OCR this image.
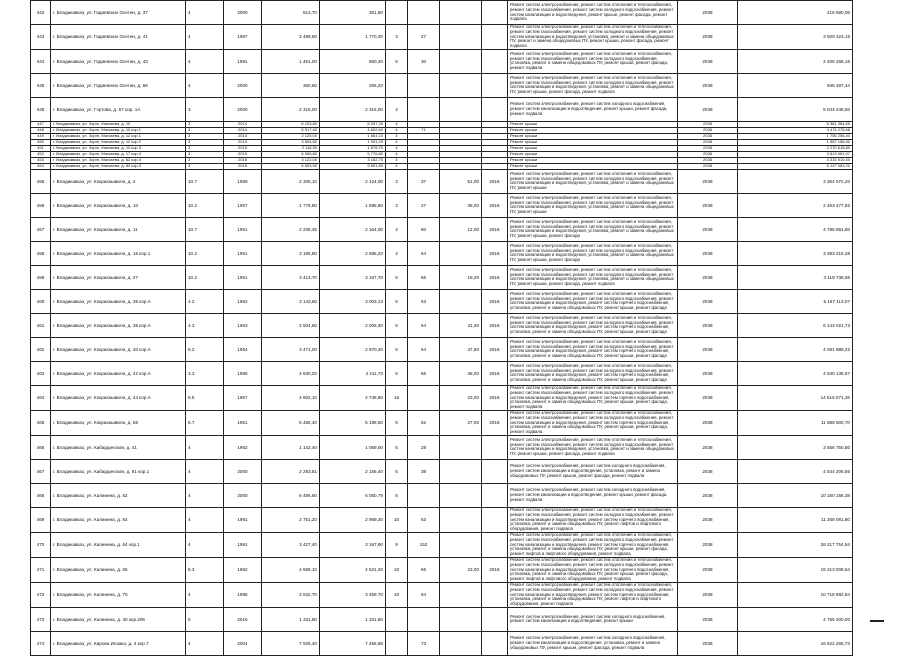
442	г. Владикавказ, ул. Гадиевских Осетин, д. 37	4	2000	513,70	351,60					Ремонт систем электроснабжения, ремонт систем отопления и теплоснабжения, ремонт систем газоснабжения, ремонт систем холодного водоснабжения, ремонт систем канализации и водоотведения, ремонт крыши, ремонт фасада, ремонт подвала	2038	216 680,08
443	г. Владикавказ, ул. Гадиевских Осетин, д. 41	4	1987	3 489,60	1 770,30	3	27			Ремонт систем электроснабжения, ремонт систем отопления и теплоснабжения, ремонт систем газоснабжения, ремонт систем холодного водоснабжения, ремонт систем канализации и водоотведения, установка, ремонт и замена общедомовых ПУ, ремонт и замена общедомовых ПУ, ремонт крыши, ремонт фасада, ремонт подвала	2038	3 509 223,15
444	г. Владикавказ, ул. Гадиевских Осетин, д. 43	4	1981	1 451,00	860,30	5	30			Ремонт систем электроснабжения, ремонт систем отопления и теплоснабжения, ремонт систем газоснабжения, ремонт систем холодного водоснабжения, установка, ремонт и замена общедомовых ПУ, ремонт крыши, ремонт фасада, ремонт подвала	2038	2 408 268,16
445	г. Владикавказ, ул. Гадиевских Осетин, д. 56	4	2000	360,60	265,20					Ремонт систем электроснабжения, ремонт систем отопления и теплоснабжения, ремонт систем газоснабжения, ремонт систем холодного водоснабжения, ремонт систем канализации и водоотведения, установка, ремонт и замена общедомовых ПУ, ремонт крыши, ремонт фасада, ремонт подвала	2038	946 487,44
446	г. Владикавказ, ул. Гэртова, д. 57 кор. 1А	3	2000	2 316,00	2 316,00	4				Ремонт систем электроснабжения, ремонт систем холодного водоснабжения, ремонт систем канализации и водоотведения, ремонт крыши, ремонт фасада, ремонт подвала	2038	5 044 246,60
447	г. Владикавказ, ул. Зорге, Магкаева, д. 10	3	2014	6 103,80	5 097,30	4				Ремонт крыши	2038	6 381 384,65
448	г. Владикавказ, ул. Зорге, Магкаева, д. 10 кор.1	3	2014	5 917,40	4 602,60	4	71			Ремонт крыши	2038	4 474 275,68
449	г. Владикавказ, ул. Зорге, Магкаева, д. 12 кор.1	3	2014	2 125,00	1 664,10	4				Ремонт крыши	2038	1 756 256,40
450	г. Владикавказ, ул. Зорге, Магкаева, д. 12 кор.2	3	2014	3 554,60	1 901,20	4				Ремонт крыши	2038	1 967 156,90
451	г. Владикавказ, ул. Зорге, Магкаева, д. 12 кор.3	3	2015	2 116,90	1 679,70	4				Ремонт крыши	2038	2 270 615,80
452	г. Владикавказ, ул. Зорге, Магкаева, д. 17 кор.4	3	2015	6 065,80	5 776,80	4				Ремонт крыши	2038	3 613 461,97
453	г. Владикавказ, ул. Зорге, Магкаева, д. 62 кор.4	3	2016	3 122,00	3 162,70	4				Ремонт крыши	2038	3 315 510,40
454	г. Владикавказ, ул. Зорге, Магкаева, д. 83 кор.3	3	2016	6 653,90	5 651,80	4				Ремонт крыши	2038	6 127 063,20
455	г. Владикавказ, ул. Кокрихашвили, д. 2	10.7	1959	2 305,10	2 124,00	3	37	51,00	2016	Ремонт систем электроснабжения, ремонт систем отопления и теплоснабжения, ремонт систем газоснабжения, ремонт систем холодного водоснабжения, ремонт систем канализации и водоотведения, установка, ремонт и замена общедомовых ПУ, ремонт крыши	2038	3 364 072,20
456	г. Владикавказ, ул. Кокрихашвили, д. 10	10.2	1957	1 779,80	1 695,80	3	27	38,00	2016	Ремонт систем электроснабжения, ремонт систем отопления и теплоснабжения, ремонт систем газоснабжения, ремонт систем холодного водоснабжения, ремонт систем канализации и водоотведения, установка, ремонт и замена общедомовых ПУ, ремонт крыши	2038	2 463 477,92
457	г. Владикавказ, ул. Кокрихашвили, д. 11	10.7	1961	2 235,45	2 164,00	4	60	12,00	2016	Ремонт систем электроснабжения, ремонт систем отопления и теплоснабжения, ремонт систем газоснабжения, ремонт систем холодного водоснабжения, ремонт систем канализации и водоотведения, установка, ремонт и замена общедомовых ПУ, ремонт крыши, ремонт фасада	2038	4 798 881,80
458	г. Владикавказ, ул. Кокрихашвили, д. 16 кор.1	10.2	1961	3 195,80	2 685,20	4	64		2016	Ремонт систем электроснабжения, ремонт систем отопления и теплоснабжения, ремонт систем газоснабжения, ремонт систем холодного водоснабжения, ремонт систем канализации и водоотведения, установка, ремонт и замена общедомовых ПУ, ремонт крыши, ремонт фасада	2038	3 393 215,38
459	г. Владикавказ, ул. Кокрихашвили, д. 27	10.2	1961	3 413,70	3 167,70	5	66	18,20	2016	Ремонт систем электроснабжения, ремонт систем отопления и теплоснабжения, ремонт систем газоснабжения, ремонт систем холодного водоснабжения, ремонт систем канализации и водоотведения, установка, ремонт и замена общедомовых ПУ, ремонт крыши, ремонт фасада, ремонт подвала	2038	3 119 736,96
460	г. Владикавказ, ул. Кокрихашвили, д. 35 кор.А	4.2	1962	3 143,60	3 003,13	5	53		2016	Ремонт систем электроснабжения, ремонт систем отопления и теплоснабжения, ремонт систем газоснабжения, ремонт систем холодного водоснабжения, ремонт систем канализации и водоотведения, ремонт систем горячего водоснабжения, установка, ремонт и замена общедомовых ПУ, ремонт крыши, ремонт фасада	2038	5 167 113,07
461	г. Владикавказ, ул. Кокрихашвили, д. 38 кор.А	4.3	1963	2 504,60	2 005,30	5	54	41,30	2016	Ремонт систем электроснабжения, ремонт систем отопления и теплоснабжения, ремонт систем газоснабжения, ремонт систем холодного водоснабжения, ремонт систем канализации и водоотведения, ремонт систем горячего водоснабжения, установка, ремонт и замена общедомовых ПУ, ремонт крыши, ремонт фасада	2038	6 143 021,73
462	г. Владикавказ, ул. Кокрихашвили, д. 40 кор.А	6.2	1964	3 471,00	2 970,30	5	54	47,50	2016	Ремонт систем электроснабжения, ремонт систем отопления и теплоснабжения, ремонт систем газоснабжения, ремонт систем холодного водоснабжения, ремонт систем канализации и водоотведения, ремонт систем горячего водоснабжения, установка, ремонт и замена общедомовых ПУ, ремонт крыши, ремонт фасада	2038	4 091 989,22
463	г. Владикавказ, ул. Кокрихашвили, д. 42 кор.А	3.3	1965	4 630,20	4 411,70	5	66	48,00	2016	Ремонт систем электроснабжения, ремонт систем отопления и теплоснабжения, ремонт систем газоснабжения, ремонт систем холодного водоснабжения, ремонт систем канализации и водоотведения, ремонт систем горячего водоснабжения, установка, ремонт и замена общедомовых ПУ, ремонт крыши, ремонт фасада	2038	4 630 138,67
464	г. Владикавказ, ул. Кокрихашвили, д. 44 кор.А	5.5	1967	4 602,10	4 746,80	16		23,00	2016	Ремонт систем электроснабжения, ремонт систем отопления и теплоснабжения, ремонт систем газоснабжения, ремонт систем холодного водоснабжения, ремонт систем канализации и водоотведения, ремонт систем горячего водоснабжения, установка, ремонт и замена общедомовых ПУ, ремонт крыши, ремонт фасада, ремонт подвала	2038	14 616 071,26
465	г. Владикавказ, ул. Кокрихашвили, д. 56	6.7	1961	5 466,40	5 198,50	5	62	27,00	2016	Ремонт систем электроснабжения, ремонт систем отопления и теплоснабжения, ремонт систем газоснабжения, ремонт систем холодного водоснабжения, ремонт систем канализации и водоотведения, ремонт систем горячего водоснабжения, установка, ремонт и замена общедомовых ПУ, ремонт крыши, ремонт фасада, ремонт подвала	2038	11 689 500,70
466	г. Владикавказ, ул. Кабардинская, д. 41	4	1962	1 142,40	1 069,00	5	28			Ремонт систем электроснабжения, ремонт систем отопления и теплоснабжения, ремонт систем газоснабжения, ремонт систем холодного водоснабжения, ремонт систем канализации и водоотведения, установка, ремонт и замена общедомовых ПУ, ремонт крыши, ремонт фасада, ремонт подвала	2038	3 656 750,80
467	г. Владикавказ, ул. Кабардинская, д. 61 кор.1	4	2000	2 293,51	2 156,40	5	38			Ремонт систем электроснабжения, ремонт систем холодного водоснабжения, ремонт систем канализации и водоотведения, установка, ремонт и замена общедомовых ПУ, ремонт крыши, ремонт фасада, ремонт подвала	2038	4 544 206,86
468	г. Владикавказ, ул. Калинина, д. 62	4	2000	6 496,60	6 060,79	8				Ремонт систем электроснабжения, ремонт систем холодного водоснабжения, ремонт систем канализации и водоотведения, ремонт крыши, ремонт фасада, ремонт подвала	2038	10 160 156,38
469	г. Владикавказ, ул. Калинина, д. 64	4	1991	2 751,20	2 969,30	10	63			Ремонт систем электроснабжения, ремонт систем отопления и теплоснабжения, ремонт систем газоснабжения, ремонт систем холодного водоснабжения, ремонт систем канализации и водоотведения, ремонт систем горячего водоснабжения, установка, ремонт и замена общедомовых ПУ, ремонт лифтов и лифтового оборудования, ремонт подвала	2038	11 268 081,80
470	г. Владикавказ, ул. Калинина, д. 64 кор.1	4	1991	3 427,40	3 167,90	9	152			Ремонт систем электроснабжения, ремонт систем отопления и теплоснабжения, ремонт систем газоснабжения, ремонт систем холодного водоснабжения, ремонт систем канализации и водоотведения, ремонт систем горячего водоснабжения, установка, ремонт и замена общедомовых ПУ, ремонт крыши, ремонт фасада, ремонт лифтов и лифтового оборудования, ремонт подвала	2038	26 217 754,54
471	г. Владикавказ, ул. Калинина, д. 66	6.3	1962	4 669,10	4 521,20	10	66	23,00	2016	Ремонт систем электроснабжения, ремонт систем отопления и теплоснабжения, ремонт систем газоснабжения, ремонт систем холодного водоснабжения, ремонт систем канализации и водоотведения, ремонт систем горячего водоснабжения, установка, ремонт и замена общедомовых ПУ, ремонт крыши, ремонт фасада, ремонт лифтов и лифтового оборудования, ремонт подвала	2038	19 213 008,54
472	г. Владикавказ, ул. Калинина, д. 70	4	1986	3 632,70	3 459,70	10	64			Ремонт систем электроснабжения, ремонт систем отопления и теплоснабжения, ремонт систем газоснабжения, ремонт систем холодного водоснабжения, ремонт систем канализации и водоотведения, ремонт систем горячего водоснабжения, установка, ремонт и замена общедомовых ПУ, ремонт лифтов и лифтового оборудования, ремонт подвала	2038	10 718 982,84
473	г. Владикавказ, ул. Калинина, д. 40 кор.206	5	2016	1 331,80	1 331,80					Ремонт систем электроснабжения, ремонт систем холодного водоснабжения, ремонт систем канализации и водоотведения, ремонт крыши	2038	4 756 200,00
474	г. Владикавказ, ул. Кирова Исаака, д. 4 кор.7	4	2004	7 925,40	7 456,58		73			Ремонт систем электроснабжения, ремонт систем холодного водоснабжения, ремонт систем канализации и водоотведения, установка, ремонт и замена общедомовых ПУ, ремонт крыши, ремонт фасада, ремонт подвала	2038	16 622 266,73
